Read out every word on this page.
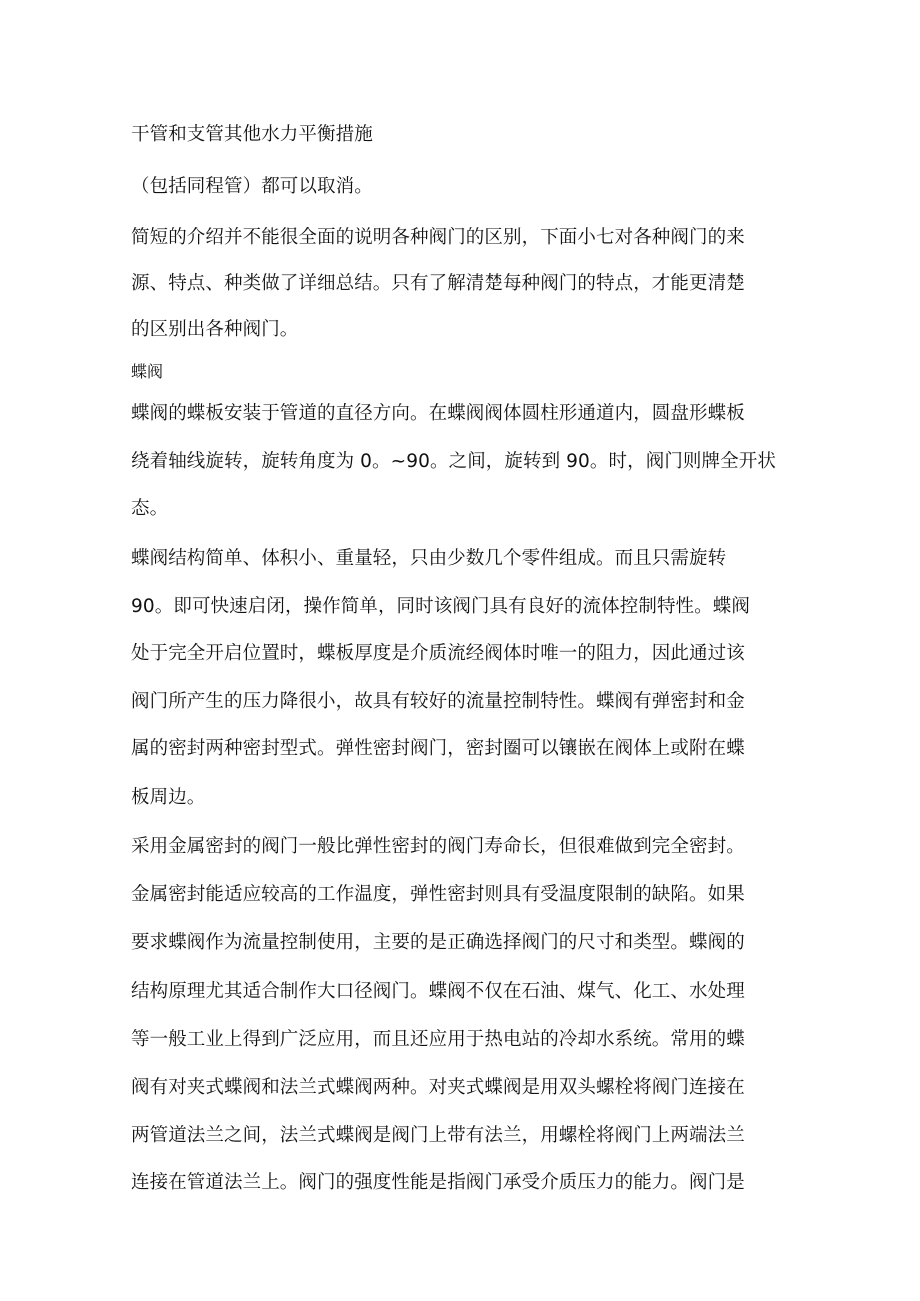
干管和支管其他水力平衡措施
（包括同程管）都可以取消。
简短的介绍并不能很全面的说明各种阀门的区别，下面小七对各种阀门的来
源、特点、种类做了详细总结。只有了解清楚每种阀门的特点，才能更清楚
的区别出各种阀门。
蝶阀
蝶阀的蝶板安装于管道的直径方向。在蝶阀阀体圆柱形通道内，圆盘形蝶板
绕着轴线旋转，旋转角度为 0。~90。之间，旋转到 90。时，阀门则牌全开状
态。
蝶阀结构简单、体积小、重量轻，只由少数几个零件组成。而且只需旋转
90。即可快速启闭，操作简单，同时该阀门具有良好的流体控制特性。蝶阀
处于完全开启位置时，蝶板厚度是介质流经阀体时唯一的阻力，因此通过该
阀门所产生的压力降很小，故具有较好的流量控制特性。蝶阀有弹密封和金
属的密封两种密封型式。弹性密封阀门，密封圈可以镶嵌在阀体上或附在蝶
板周边。
采用金属密封的阀门一般比弹性密封的阀门寿命长，但很难做到完全密封。
金属密封能适应较高的工作温度，弹性密封则具有受温度限制的缺陷。如果
要求蝶阀作为流量控制使用，主要的是正确选择阀门的尺寸和类型。蝶阀的
结构原理尤其适合制作大口径阀门。蝶阀不仅在石油、煤气、化工、水处理
等一般工业上得到广泛应用，而且还应用于热电站的冷却水系统。常用的蝶
阀有对夹式蝶阀和法兰式蝶阀两种。对夹式蝶阀是用双头螺栓将阀门连接在
两管道法兰之间，法兰式蝶阀是阀门上带有法兰，用螺栓将阀门上两端法兰
连接在管道法兰上。阀门的强度性能是指阀门承受介质压力的能力。阀门是
